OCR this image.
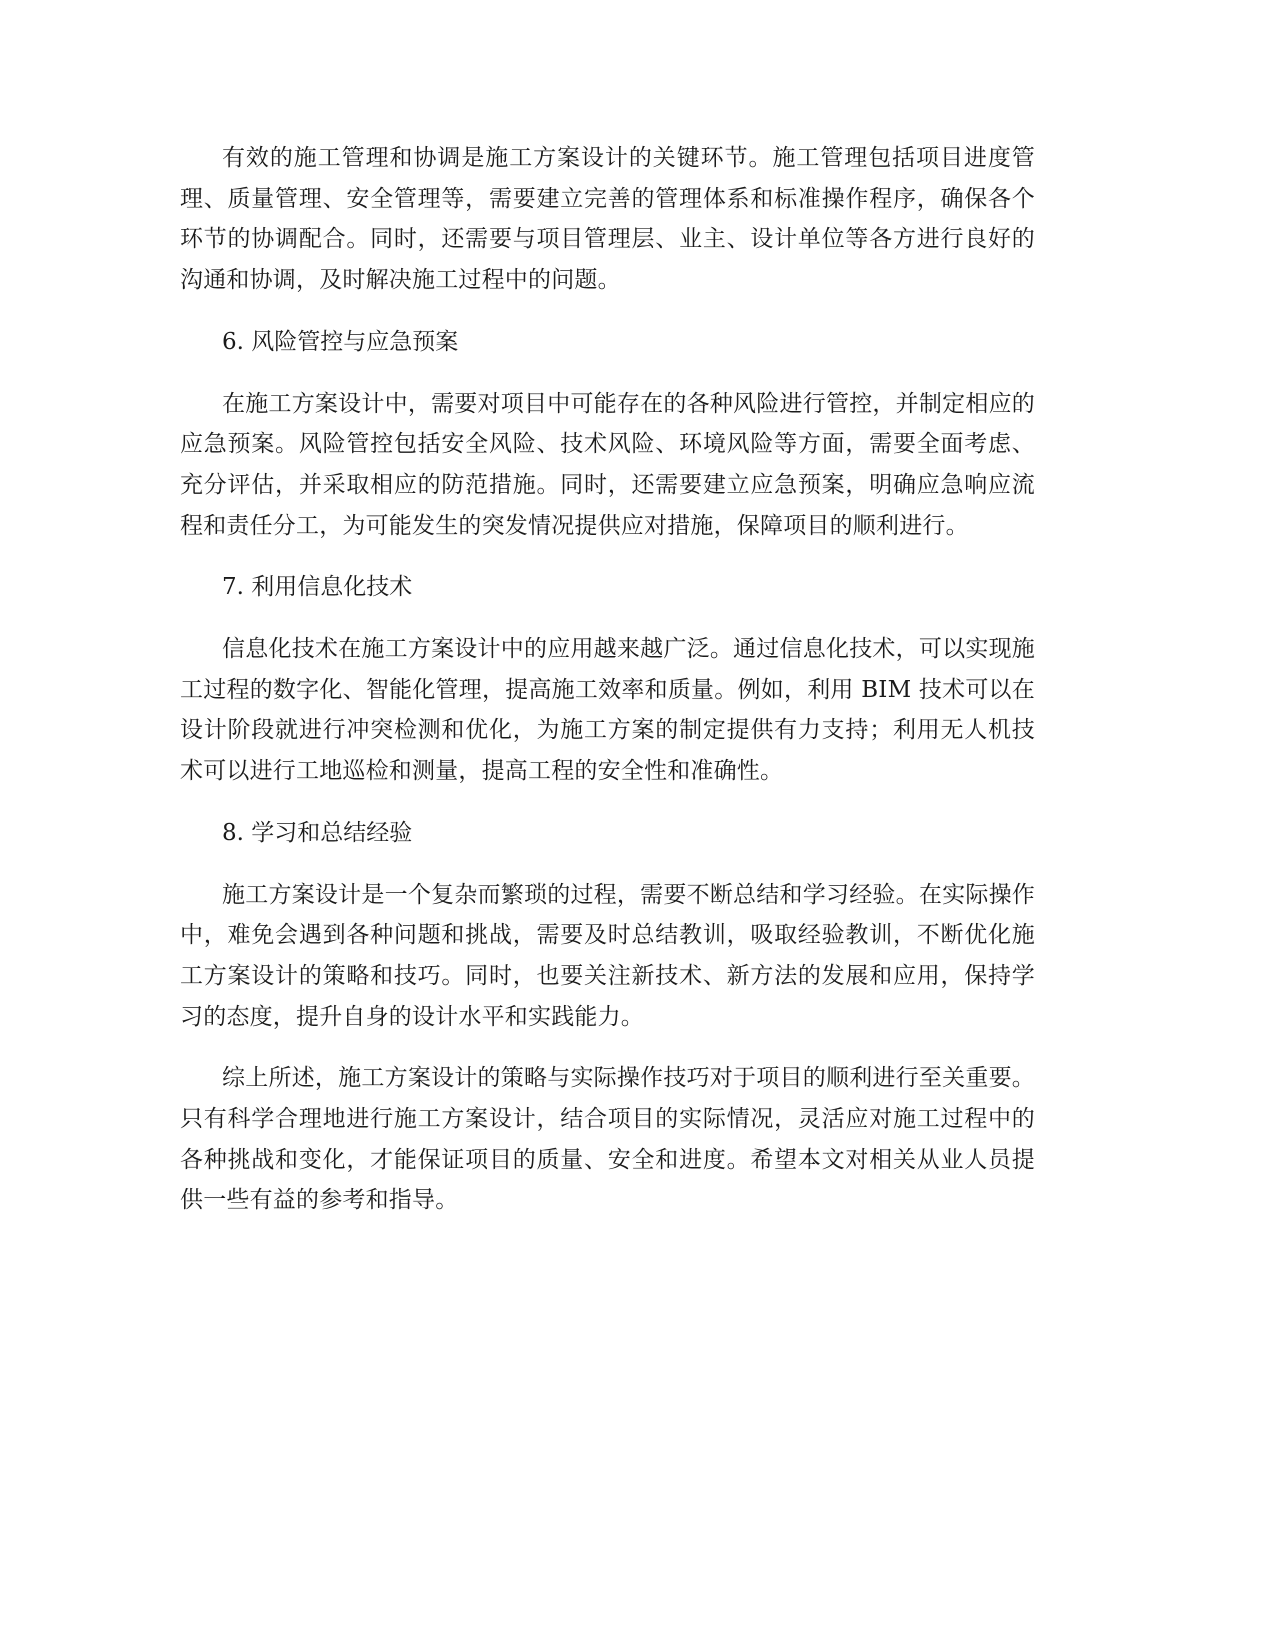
有效的施工管理和协调是施工方案设计的关键环节。施工管理包括项目进度管理、质量管理、安全管理等，需要建立完善的管理体系和标准操作程序，确保各个环节的协调配合。同时，还需要与项目管理层、业主、设计单位等各方进行良好的沟通和协调，及时解决施工过程中的问题。

6. 风险管控与应急预案

在施工方案设计中，需要对项目中可能存在的各种风险进行管控，并制定相应的应急预案。风险管控包括安全风险、技术风险、环境风险等方面，需要全面考虑、充分评估，并采取相应的防范措施。同时，还需要建立应急预案，明确应急响应流程和责任分工，为可能发生的突发情况提供应对措施，保障项目的顺利进行。

7. 利用信息化技术

信息化技术在施工方案设计中的应用越来越广泛。通过信息化技术，可以实现施工过程的数字化、智能化管理，提高施工效率和质量。例如，利用 BIM 技术可以在设计阶段就进行冲突检测和优化，为施工方案的制定提供有力支持；利用无人机技术可以进行工地巡检和测量，提高工程的安全性和准确性。

8. 学习和总结经验

施工方案设计是一个复杂而繁琐的过程，需要不断总结和学习经验。在实际操作中，难免会遇到各种问题和挑战，需要及时总结教训，吸取经验教训，不断优化施工方案设计的策略和技巧。同时，也要关注新技术、新方法的发展和应用，保持学习的态度，提升自身的设计水平和实践能力。

综上所述，施工方案设计的策略与实际操作技巧对于项目的顺利进行至关重要。只有科学合理地进行施工方案设计，结合项目的实际情况，灵活应对施工过程中的各种挑战和变化，才能保证项目的质量、安全和进度。希望本文对相关从业人员提供一些有益的参考和指导。
